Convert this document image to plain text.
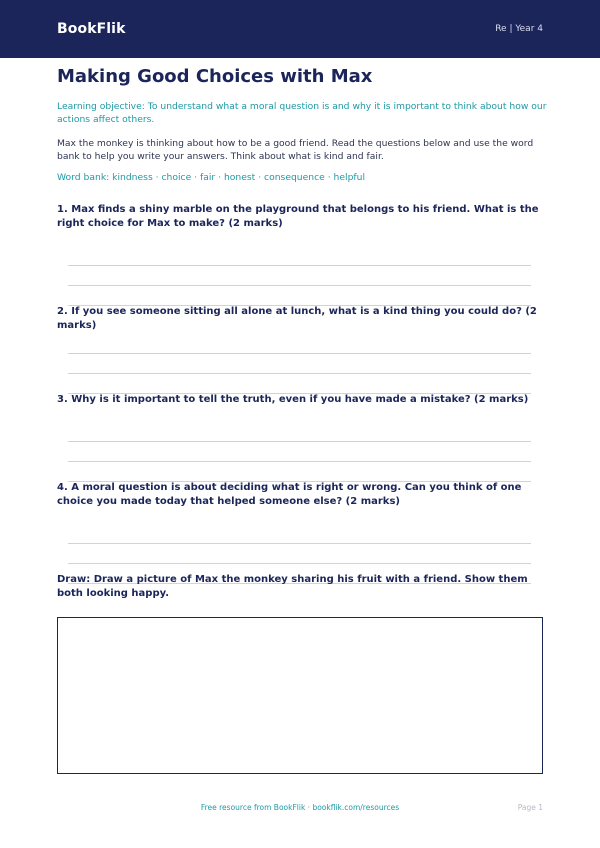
BookFlik	Re | Year 4
Making Good Choices with Max
Learning objective: To understand what a moral question is and why it is important to think about how our actions affect others.
Max the monkey is thinking about how to be a good friend. Read the questions below and use the word bank to help you write your answers. Think about what is kind and fair.
Word bank: kindness · choice · fair · honest · consequence · helpful
1. Max finds a shiny marble on the playground that belongs to his friend. What is the right choice for Max to make? (2 marks)
2. If you see someone sitting all alone at lunch, what is a kind thing you could do? (2 marks)
3. Why is it important to tell the truth, even if you have made a mistake? (2 marks)
4. A moral question is about deciding what is right or wrong. Can you think of one choice you made today that helped someone else? (2 marks)
Draw: Draw a picture of Max the monkey sharing his fruit with a friend. Show them both looking happy.
Free resource from BookFlik · bookflik.com/resources	Page 1
